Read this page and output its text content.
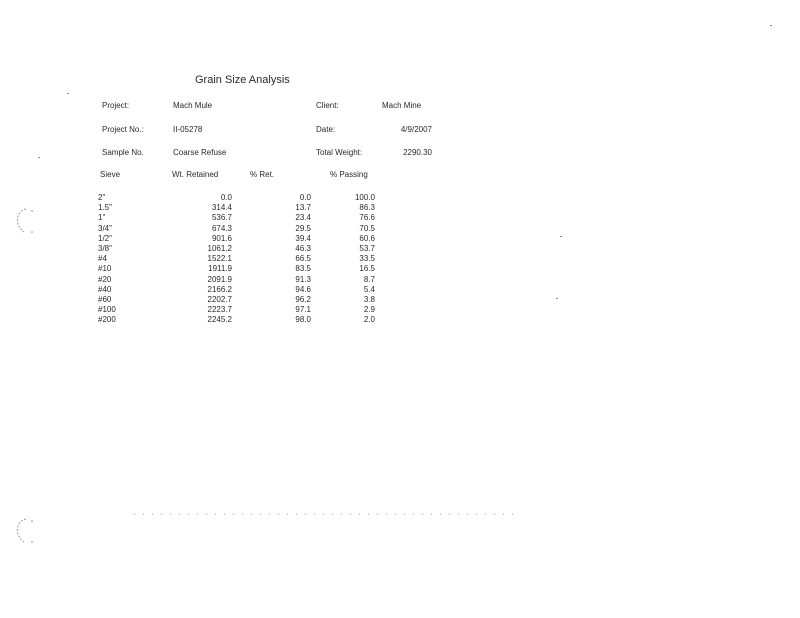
Grain Size Analysis
Project:	Mach Mule	Client:	Mach Mine
Project No.:	II-05278	Date:	4/9/2007
Sample No.	Coarse Refuse	Total Weight:	2290.30
Sieve	Wt. Retained	% Ret.	% Passing
2"	0.0	0.0	100.0
1.5"	314.4	13.7	86.3
1"	536.7	23.4	76.6
3/4"	674.3	29.5	70.5
1/2"	901.6	39.4	60.6
3/8"	1061.2	46.3	53.7
#4	1522.1	66.5	33.5
#10	1911.9	83.5	16.5
#20	2091.9	91.3	8.7
#40	2166.2	94.6	5.4
#60	2202.7	96.2	3.8
#100	2223.7	97.1	2.9
#200	2245.2	98.0	2.0
